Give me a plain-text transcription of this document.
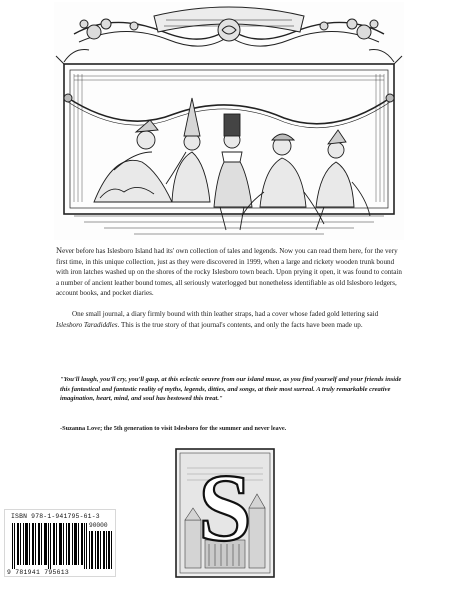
Never before has Islesboro Island had its' own collection of tales and legends. Now you can read them here, for the very first time, in this unique collection, just as they were discovered in 1999, when a large and rickety wooden trunk bound with iron latches washed up on the shores of the rocky Islesboro town beach. Upon prying it open, it was found to contain a number of ancient leather bound tomes, all seriously waterlogged but nonetheless identifiable as old Islesboro ledgers, account books, and pocket diaries.

One small journal, a diary firmly bound with thin leather straps, had a cover whose faded gold lettering said Islesboro Taradiddles. This is the true story of that journal's contents, and only the facts have been made up.

"You'll laugh, you'll cry, you'll gasp, at this eclectic oeuvre from our island muse, as you find yourself and your friends inside this fantastical and fantastic reality of myths, legends, ditties, and songs, at their most surreal. A truly remarkable creative imagination, heart, mind, and soul has bestowed this treat."
-Suzanna Love; the 5th generation to visit Islesboro for the summer and never leave.
S
ISBN 978-1-941795-61-3
90000
9 781941 795613
